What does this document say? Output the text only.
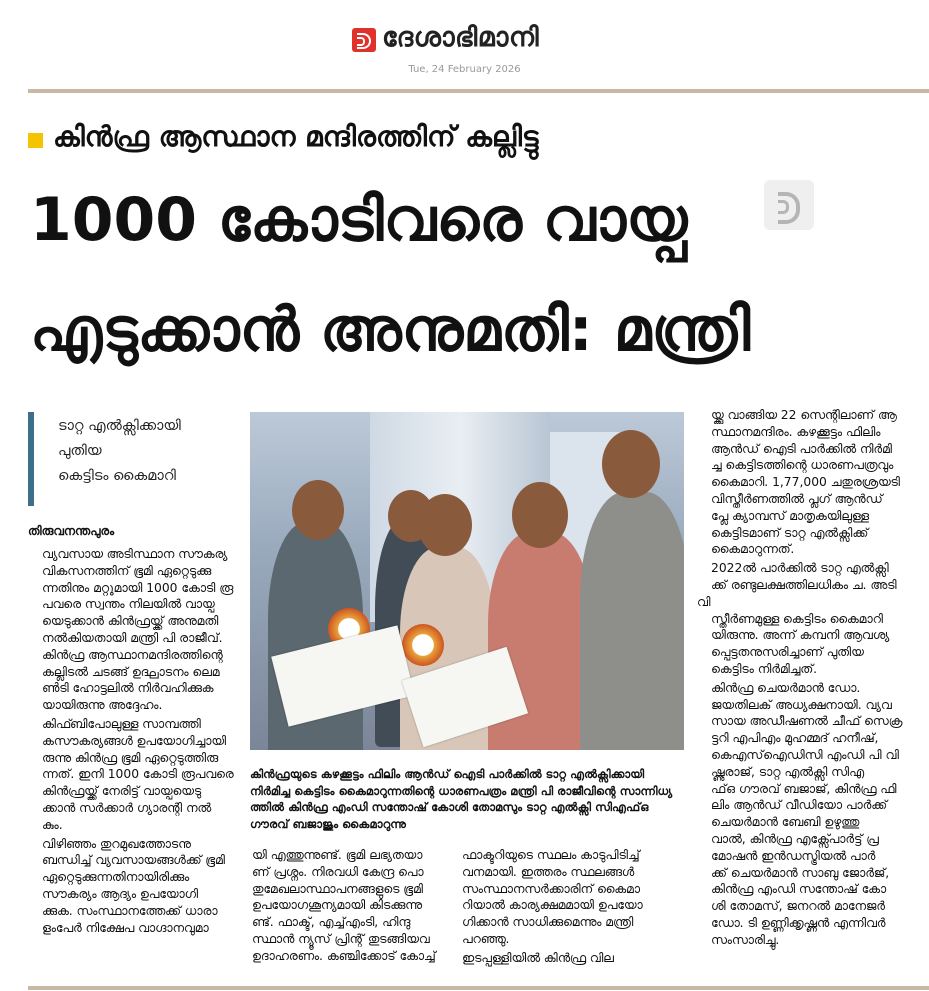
ദേശാഭിമാനി
Tue, 24 February 2026
കിൻഫ്ര ആസ്ഥാന മന്ദിരത്തിന് കല്ലിട്ടു
1000 കോടിവരെ വായ്പ
എടുക്കാൻ അനുമതി: മന്ത്രി
ടാറ്റ എൽക്സിക്കായി
പുതിയ
കെട്ടിടം കൈമാറി
തിരുവനന്തപുരം

വ്യവസായ അടിസ്ഥാന സൗകര്യ
വികസനത്തിന് ഭൂമി ഏറ്റെടുക്കു
ന്നതിനും മറ്റുമായി 1000 കോടി രൂ
പവരെ സ്വന്തം നിലയിൽ വായ്പ
യെടുക്കാൻ കിൻഫ്രയ്ക്ക് അനുമതി
നൽകിയതായി മന്ത്രി പി രാജീവ്.
കിൻഫ്ര ആസ്ഥാനമന്ദിരത്തിന്റെ
കല്ലിടൽ ചടങ്ങ് ഉദ്ഘാടനം ലെമ
ൺടി ഹോട്ടലിൽ നിർവഹിക്കുക
യായിരുന്നു അദ്ദേഹം.

കിഫ്ബിപോലുള്ള സാമ്പത്തി
കസൗകര്യങ്ങൾ ഉപയോഗിച്ചായി
രുന്നു കിൻഫ്ര ഭൂമി ഏറ്റെടുത്തിരു
ന്നത്. ഇനി 1000 കോടി രൂപവരെ
കിൻഫ്രയ്ക്ക് നേരിട്ട് വായ്പയെടു
ക്കാൻ സർക്കാർ ഗ്യാരന്റി നൽ
കും.

വിഴിഞ്ഞം തുറമുഖത്തോടനു
ബന്ധിച്ച് വ്യവസായങ്ങൾക്ക് ഭൂമി
ഏറ്റെടുക്കുന്നതിനായിരിക്കും
സൗകര്യം ആദ്യം ഉപയോഗി
ക്കുക. സംസ്ഥാനത്തേക്ക് ധാരാ
ളംപേർ നിക്ഷേപ വാഗ്ദാനവുമാ

കിൻഫ്രയുടെ കഴക്കൂട്ടം ഫിലിം ആൻഡ് ഐടി പാർക്കിൽ ടാറ്റ എൽക്സിക്കായി
നിർമിച്ച കെട്ടിടം കൈമാറുന്നതിന്റെ ധാരണപത്രം മന്ത്രി പി രാജീവിന്റെ സാന്നിധ്യ
ത്തിൽ കിൻഫ്ര എംഡി സന്തോഷ് കോശി തോമസും ടാറ്റ എൽക്സി സിഎഫ്ഒ
ഗൗരവ് ബജാജും കൈമാറുന്നു

യി എത്തുന്നുണ്ട്. ഭൂമി ലഭ്യതയാ
ണ് പ്രശ്നം. നിരവധി കേന്ദ്ര പൊ
തുമേഖലാസ്ഥാപനങ്ങളുടെ ഭൂമി
ഉപയോഗശൂന്യമായി കിടക്കുന്നു
ണ്ട്. ഫാക്ട്, എച്ച്എംടി, ഹിന്ദു
സ്ഥാൻ ന്യൂസ് പ്രിന്റ് തുടങ്ങിയവ
ഉദാഹരണം. കഞ്ചിക്കോട് കോച്ച്

ഫാക്ടറിയുടെ സ്ഥലം കാടുപിടിച്ച്
വനമായി. ഇത്തരം സ്ഥലങ്ങൾ
സംസ്ഥാനസർക്കാരിന് കൈമാ
റിയാൽ കാര്യക്ഷമമായി ഉപയോ
ഗിക്കാൻ സാധിക്കുമെന്നും മന്ത്രി
പറഞ്ഞു.

ഇടപ്പള്ളിയിൽ കിൻഫ്ര വില

യ്ക്കു വാങ്ങിയ 22 സെന്റിലാണ് ആ
സ്ഥാനമന്ദിരം. കഴക്കൂട്ടം ഫിലിം
ആൻഡ് ഐടി പാർക്കിൽ നിർമി
ച്ച കെട്ടിടത്തിന്റെ ധാരണപത്രവും
കൈമാറി. 1,77,000 ചതുരശ്രയടി
വിസ്തീർണത്തിൽ പ്ലഗ് ആൻഡ്
പ്ലേ ക്യാമ്പസ് മാതൃകയിലുള്ള
കെട്ടിടമാണ് ടാറ്റ എൽക്സിക്ക്
കൈമാറുന്നത്.

2022ൽ പാർക്കിൽ ടാറ്റ എൽക്സി
ക്ക് രണ്ടുലക്ഷത്തിലധികം ച. അടി വി
സ്തീർണമുള്ള കെട്ടിടം കൈമാറി
യിരുന്നു. അന്ന് കമ്പനി ആവശ്യ
പ്പെട്ടതനുസരിച്ചാണ് പുതിയ
കെട്ടിടം നിർമിച്ചത്.

കിൻഫ്ര ചെയർമാൻ ഡോ.
ജയതിലക് അധ്യക്ഷനായി. വ്യവ
സായ അഡീഷണൽ ചീഫ് സെക്ര
ട്ടറി എപിഎം മുഹമ്മദ് ഹനീഷ്,
കെഎസ്ഐഡിസി എംഡി പി വി
ഷ്ണുരാജ്, ടാറ്റ എൽക്സി സിഎ
ഫ്ഒ ഗൗരവ് ബജാജ്, കിൻഫ്ര ഫി
ലിം ആൻഡ് വീഡിയോ പാർക്ക്
ചെയർമാൻ ബേബി ഉഴുത്തു
വാൽ, കിൻഫ്ര എക്സ്പോർട്ട് പ്ര
മോഷൻ ഇൻഡസ്ട്രിയൽ പാർ
ക്ക് ചെയർമാൻ സാബു ജോർജ്,
കിൻഫ്ര എംഡി സന്തോഷ് കോ
ശി തോമസ്, ജനറൽ മാനേജർ
ഡോ. ടി ഉണ്ണിക്കൃഷ്ണൻ എന്നിവർ
സംസാരിച്ചു.
